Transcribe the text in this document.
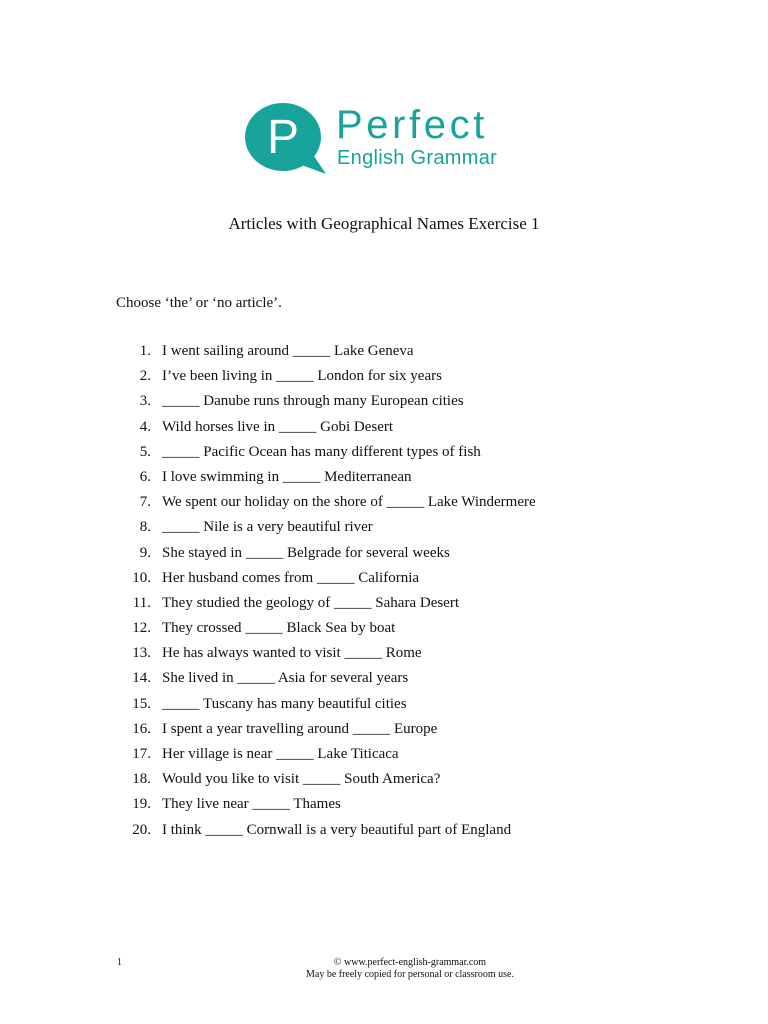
P Perfect
English Grammar
Articles with Geographical Names Exercise 1
Choose ‘the’ or ‘no article’.
1. I went sailing around _____ Lake Geneva
2. I’ve been living in _____ London for six years
3. _____ Danube runs through many European cities
4. Wild horses live in _____ Gobi Desert
5. _____ Pacific Ocean has many different types of fish
6. I love swimming in _____ Mediterranean
7. We spent our holiday on the shore of _____ Lake Windermere
8. _____ Nile is a very beautiful river
9. She stayed in _____ Belgrade for several weeks
10. Her husband comes from _____ California
11. They studied the geology of _____ Sahara Desert
12. They crossed _____ Black Sea by boat
13. He has always wanted to visit _____ Rome
14. She lived in _____ Asia for several years
15. _____ Tuscany has many beautiful cities
16. I spent a year travelling around _____ Europe
17. Her village is near _____ Lake Titicaca
18. Would you like to visit _____ South America?
19. They live near _____ Thames
20. I think _____ Cornwall is a very beautiful part of England
1	© www.perfect-english-grammar.com
May be freely copied for personal or classroom use.
